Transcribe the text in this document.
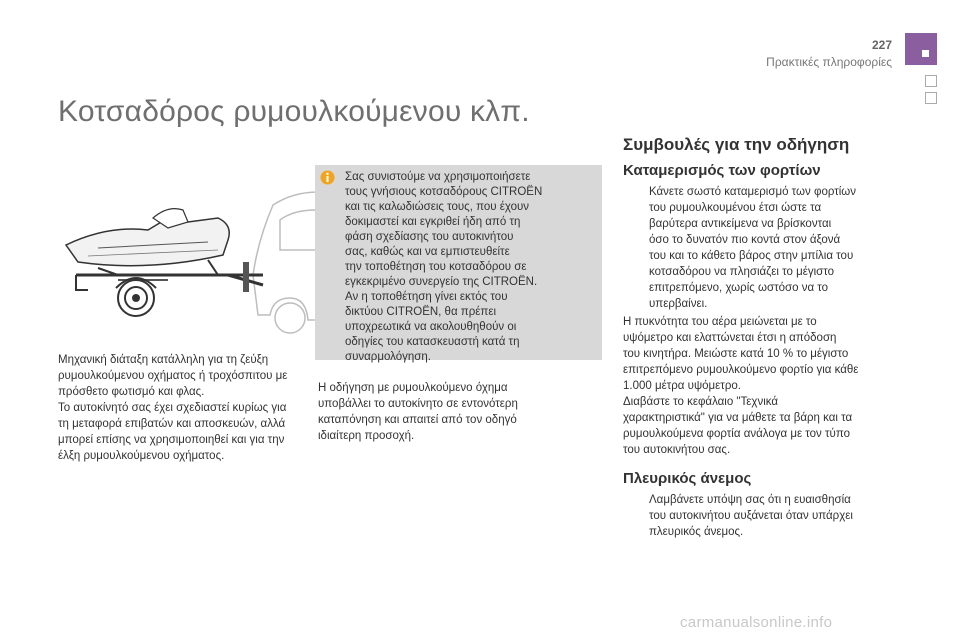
227
Πρακτικές πληροφορίες
Κοτσαδόρος ρυμουλκούμενου κλπ.
Μηχανική διάταξη κατάλληλη για τη ζεύξη
ρυμουλκούμενου οχήματος ή τροχόσπιτου με
πρόσθετο φωτισμό και φλας.
Το αυτοκίνητό σας έχει σχεδιαστεί κυρίως για
τη μεταφορά επιβατών και αποσκευών, αλλά
μπορεί επίσης να χρησιμοποιηθεί και για την
έλξη ρυμουλκούμενου οχήματος.
Σας συνιστούμε να χρησιμοποιήσετε
τους γνήσιους κοτσαδόρους CITROËN
και τις καλωδιώσεις τους, που έχουν
δοκιμαστεί και εγκριθεί ήδη από τη
φάση σχεδίασης του αυτοκινήτου
σας, καθώς και να εμπιστευθείτε
την τοποθέτηση του κοτσαδόρου σε
εγκεκριμένο συνεργείο της CITROËN.
Αν η τοποθέτηση γίνει εκτός του
δικτύου CITROËN, θα πρέπει
υποχρεωτικά να ακολουθηθούν οι
οδηγίες του κατασκευαστή κατά τη
συναρμολόγηση.
Η οδήγηση με ρυμουλκούμενο όχημα
υποβάλλει το αυτοκίνητο σε εντονότερη
καταπόνηση και απαιτεί από τον οδηγό
ιδιαίτερη προσοχή.
Συμβουλές για την οδήγηση
Καταμερισμός των φορτίων
Κάνετε σωστό καταμερισμό των φορτίων
του ρυμουλκουμένου έτσι ώστε τα
βαρύτερα αντικείμενα να βρίσκονται
όσο το δυνατόν πιο κοντά στον άξονά
του και το κάθετο βάρος στην μπίλια του
κοτσαδόρου να πλησιάζει το μέγιστο
επιτρεπόμενο, χωρίς ωστόσο να το
υπερβαίνει.
Η πυκνότητα του αέρα μειώνεται με το
υψόμετρο και ελαττώνεται έτσι η απόδοση
του κινητήρα. Μειώστε κατά 10 % το μέγιστο
επιτρεπόμενο ρυμουλκούμενο φορτίο για κάθε
1.000 μέτρα υψόμετρο.
Διαβάστε το κεφάλαιο "Τεχνικά
χαρακτηριστικά" για να μάθετε τα βάρη και τα
ρυμουλκούμενα φορτία ανάλογα με τον τύπο
του αυτοκινήτου σας.
Πλευρικός άνεμος
Λαμβάνετε υπόψη σας ότι η ευαισθησία
του αυτοκινήτου αυξάνεται όταν υπάρχει
πλευρικός άνεμος.
carmanualsonline.info
